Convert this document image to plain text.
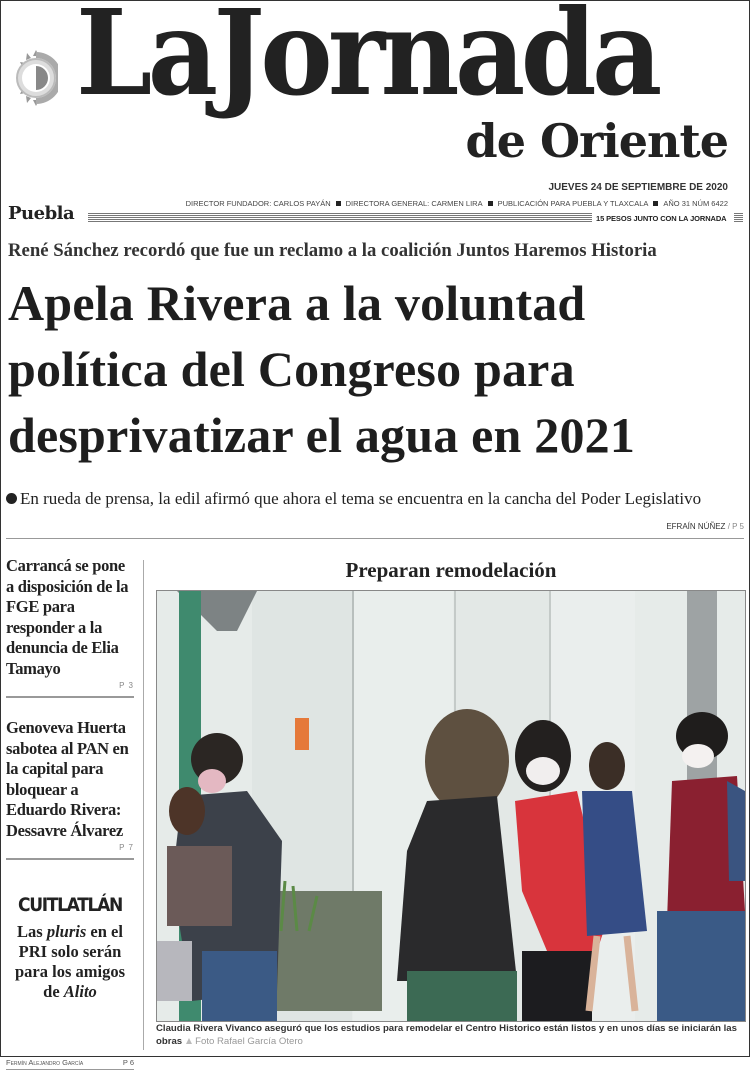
LaJornada
de Oriente
JUEVES 24 DE SEPTIEMBRE DE 2020
DIRECTOR FUNDADOR: CARLOS PAYÁN DIRECTORA GENERAL: CARMEN LIRA PUBLICACIÓN PARA PUEBLA Y TLAXCALA AÑO 31 NÚM 6422
Puebla	15 PESOS JUNTO CON LA JORNADA
René Sánchez recordó que fue un reclamo a la coalición Juntos Haremos Historia
Apela Rivera a la voluntad política del Congreso para desprivatizar el agua en 2021
En rueda de prensa, la edil afirmó que ahora el tema se encuentra en la cancha del Poder Legislativo
EFRAÍN NÚÑEZ / P 5
Carrancá se pone a disposición de la FGE para responder a la denuncia de Elia Tamayo
P 3
Genoveva Huerta sabotea al PAN en la capital para bloquear a Eduardo Rivera: Dessavre Álvarez
P 7
CUITLATLÁN
Las pluris en el PRI solo serán para los amigos de Alito
Fermín Alejandro García	P 6
Preparan remodelación
Claudia Rivera Vivanco aseguró que los estudios para remodelar el Centro Historico están listos y en unos días se iniciarán las obras Foto Rafael García Otero
